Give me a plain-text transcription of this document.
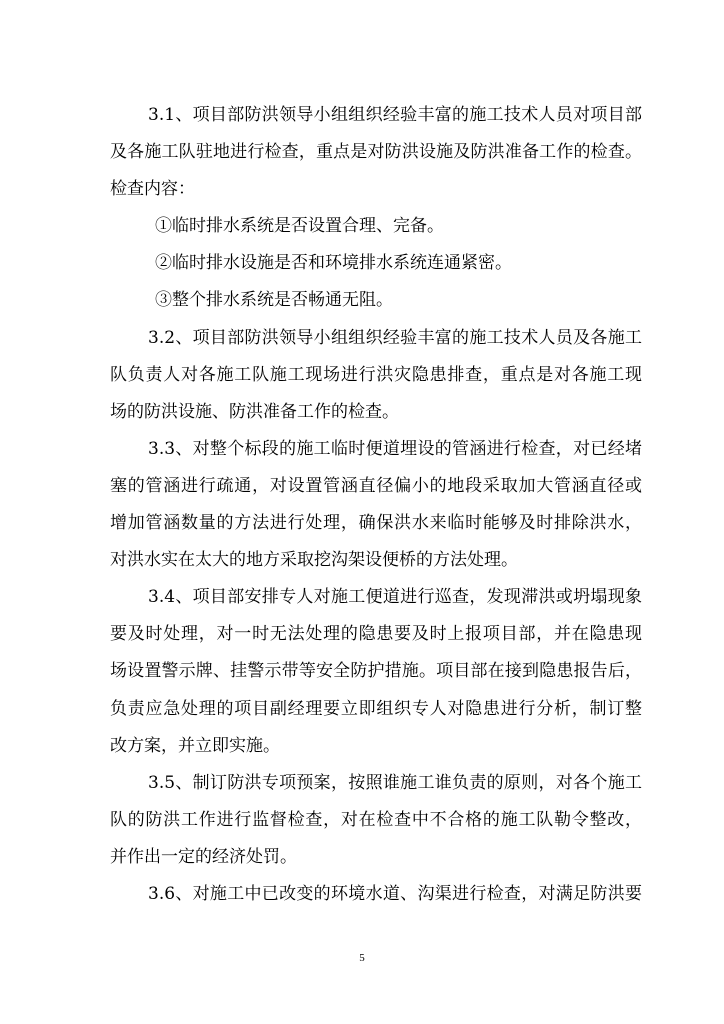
3.1、项目部防洪领导小组组织经验丰富的施工技术人员对项目部
及各施工队驻地进行检查，重点是对防洪设施及防洪准备工作的检查。
检查内容：

①临时排水系统是否设置合理、完备。

②临时排水设施是否和环境排水系统连通紧密。

③整个排水系统是否畅通无阻。

3.2、项目部防洪领导小组组织经验丰富的施工技术人员及各施工
队负责人对各施工队施工现场进行洪灾隐患排查，重点是对各施工现
场的防洪设施、防洪准备工作的检查。

3.3、对整个标段的施工临时便道埋设的管涵进行检查，对已经堵
塞的管涵进行疏通，对设置管涵直径偏小的地段采取加大管涵直径或
增加管涵数量的方法进行处理，确保洪水来临时能够及时排除洪水，
对洪水实在太大的地方采取挖沟架设便桥的方法处理。

3.4、项目部安排专人对施工便道进行巡查，发现滞洪或坍塌现象
要及时处理，对一时无法处理的隐患要及时上报项目部，并在隐患现
场设置警示牌、挂警示带等安全防护措施。项目部在接到隐患报告后，
负责应急处理的项目副经理要立即组织专人对隐患进行分析，制订整
改方案，并立即实施。

3.5、制订防洪专项预案，按照谁施工谁负责的原则，对各个施工
队的防洪工作进行监督检查，对在检查中不合格的施工队勒令整改，
并作出一定的经济处罚。

3.6、对施工中已改变的环境水道、沟渠进行检查，对满足防洪要

5
